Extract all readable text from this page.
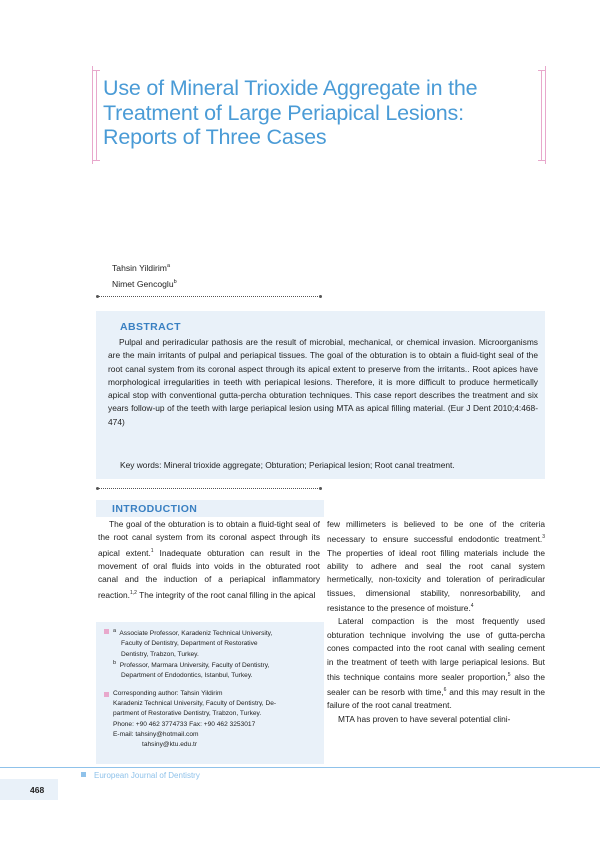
Use of Mineral Trioxide Aggregate in the
Treatment of Large Periapical Lesions:
Reports of Three Cases
Tahsin Yildirim$^a$
Nimet Gencoglu$^b$
ABSTRACT

Pulpal and periradicular pathosis are the result of microbial, mechanical, or chemical invasion. Microorganisms are the main irritants of pulpal and periapical tissues. The goal of the obturation is to obtain a fluid-tight seal of the root canal system from its coronal aspect through its apical extent to preserve from the irritants.. Root apices have morphological irregularities in teeth with periapical lesions. Therefore, it is more difficult to produce hermetically apical stop with conventional gutta-percha obturation techniques. This case report describes the treatment and six years follow-up of the teeth with large periapical lesion using MTA as apical filling material. (Eur J Dent 2010;4:468-474)

Key words: Mineral trioxide aggregate; Obturation; Periapical lesion; Root canal treatment.
INTRODUCTION

The goal of the obturation is to obtain a fluid-tight seal of the root canal system from its coronal aspect through its apical extent.$^1$ Inadequate obturation can result in the movement of oral fluids into voids in the obturated root canal and the induction of a periapical inflammatory reaction.$^{1,2}$ The integrity of the root canal filling in the apical

few millimeters is believed to be one of the criteria necessary to ensure successful endodontic treatment.$^3$ The properties of ideal root filling materials include the ability to adhere and seal the root canal system hermetically, non-toxicity and toleration of periradicular tissues, dimensional stability, nonresorbability, and resistance to the presence of moisture.$^4$

Lateral compaction is the most frequently used obturation technique involving the use of gutta-percha cones compacted into the root canal with sealing cement in the treatment of teeth with large periapical lesions. But this technique contains more sealer proportion,$^5$ also the sealer can be resorb with time,$^6$ and this may result in the failure of the root canal treatment.

MTA has proven to have several potential clini-

$^a$ Associate Professor, Karadeniz Technical University,
Faculty of Dentistry, Department of Restorative
Dentistry, Trabzon, Turkey.
$^b$ Professor, Marmara University, Faculty of Dentistry,
Department of Endodontics, Istanbul, Turkey.
Corresponding author: Tahsin Yildirim
Karadeniz Technical University, Faculty of Dentistry, De-
partment of Restorative Dentistry, Trabzon, Turkey.
Phone: +90 462 3774733 Fax: +90 462 3253017
E-mail: tahsiny@hotmail.com
tahsiny@ktu.edu.tr
European Journal of Dentistry
468
